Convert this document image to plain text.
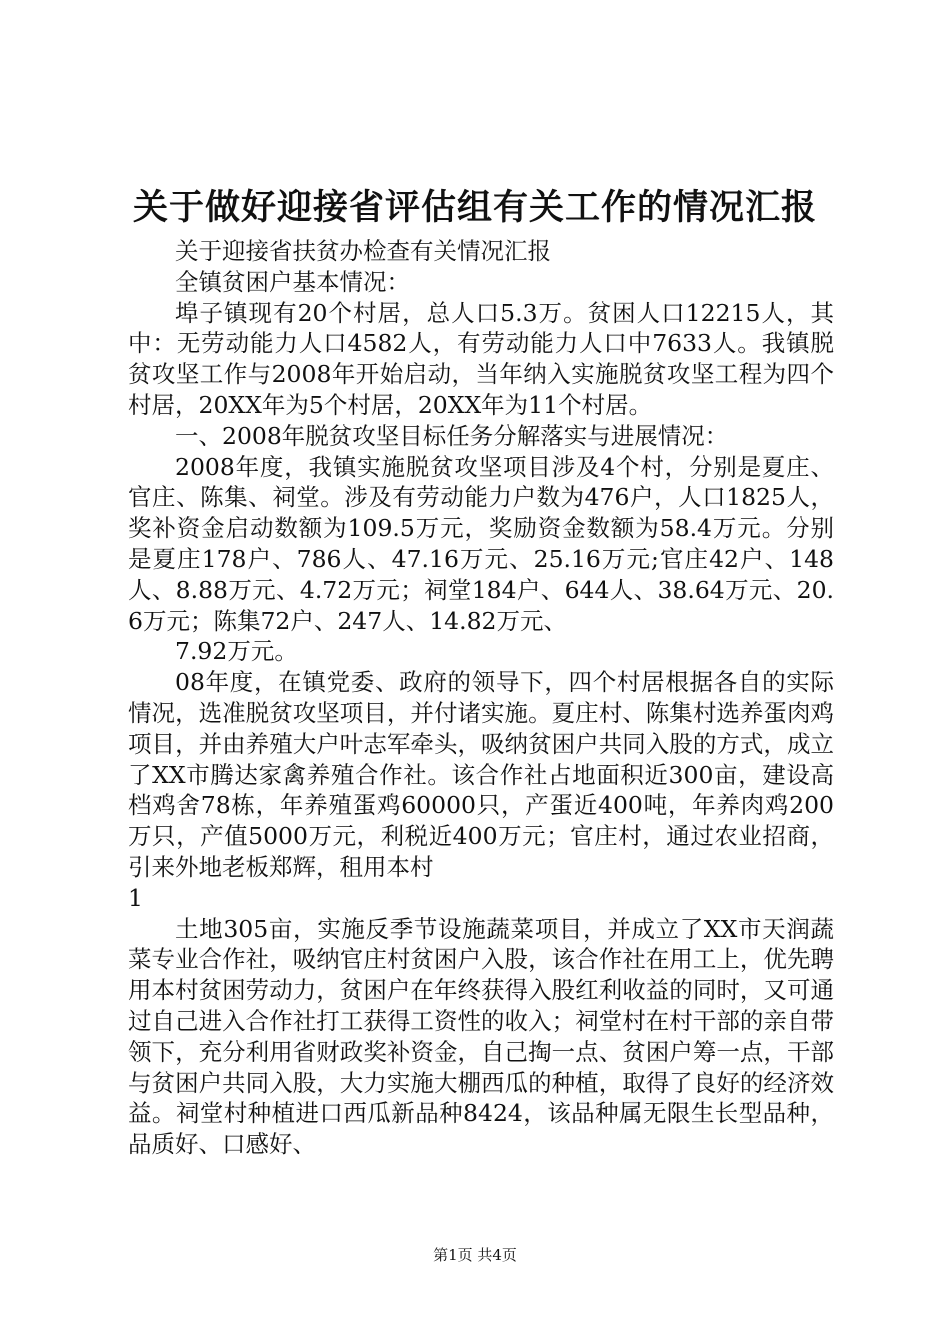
关于做好迎接省评估组有关工作的情况汇报

关于迎接省扶贫办检查有关情况汇报

全镇贫困户基本情况：

埠子镇现有20个村居，总人口5.3万。贫困人口12215人，其中：无劳动能力人口4582人，有劳动能力人口中7633人。我镇脱贫攻坚工作与2008年开始启动，当年纳入实施脱贫攻坚工程为四个村居，20XX年为5个村居，20XX年为11个村居。

一、2008年脱贫攻坚目标任务分解落实与进展情况：

2008年度，我镇实施脱贫攻坚项目涉及4个村，分别是夏庄、官庄、陈集、祠堂。涉及有劳动能力户数为476户，人口1825人，奖补资金启动数额为109.5万元，奖励资金数额为58.4万元。分别是夏庄178户、786人、47.16万元、25.16万元;官庄42户、148人、8.88万元、4.72万元；祠堂184户、644人、38.64万元、20.6万元；陈集72户、247人、14.82万元、

7.92万元。

08年度，在镇党委、政府的领导下，四个村居根据各自的实际情况，选准脱贫攻坚项目，并付诸实施。夏庄村、陈集村选养蛋肉鸡项目，并由养殖大户叶志军牵头，吸纳贫困户共同入股的方式，成立了XX市腾达家禽养殖合作社。该合作社占地面积近300亩，建设高档鸡舍78栋，年养殖蛋鸡60000只，产蛋近400吨，年养肉鸡200万只，产值5000万元，利税近400万元；官庄村，通过农业招商，引来外地老板郑辉，租用本村

1

土地305亩，实施反季节设施蔬菜项目，并成立了XX市天润蔬菜专业合作社，吸纳官庄村贫困户入股，该合作社在用工上，优先聘用本村贫困劳动力，贫困户在年终获得入股红利收益的同时，又可通过自己进入合作社打工获得工资性的收入；祠堂村在村干部的亲自带领下，充分利用省财政奖补资金，自己掏一点、贫困户筹一点，干部与贫困户共同入股，大力实施大棚西瓜的种植，取得了良好的经济效益。祠堂村种植进口西瓜新品种8424，该品种属无限生长型品种，品质好、口感好、

第1页 共4页
